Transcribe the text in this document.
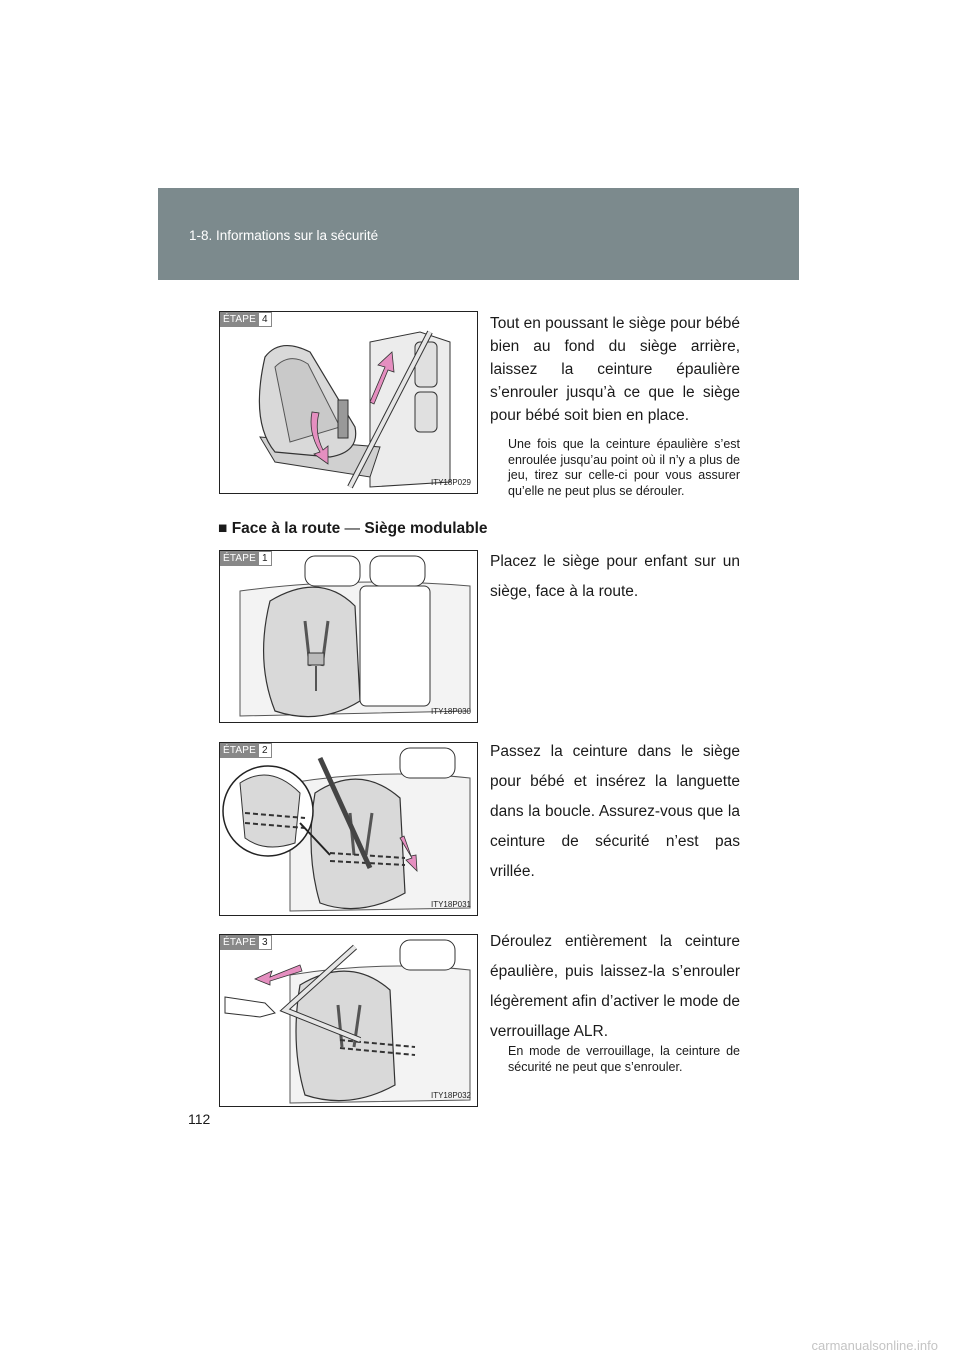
1-8. Informations sur la sécurité
ÉTAPE 4
ITY18P029
Tout en poussant le siège pour bébé bien au fond du siège arrière, laissez la ceinture épaulière s’enrouler jusqu’à ce que le siège pour bébé soit bien en place.
Une fois que la ceinture épaulière s’est enroulée jusqu’au point où il n’y a plus de jeu, tirez sur celle-ci pour vous assurer qu’elle ne peut plus se dérouler.
■ Face à la route — Siège modulable
ÉTAPE 1
ITY18P030
Placez le siège pour enfant sur un siège, face à la route.
ÉTAPE 2
ITY18P031
Passez la ceinture dans le siège pour bébé et insérez la languette dans la boucle. Assurez-vous que la ceinture de sécurité n’est pas vrillée.
ÉTAPE 3
ITY18P032
Déroulez entièrement la ceinture épaulière, puis laissez-la s’enrouler légèrement afin d’activer le mode de verrouillage ALR.
En mode de verrouillage, la ceinture de sécurité ne peut que s’enrouler.
112
carmanualsonline.info
